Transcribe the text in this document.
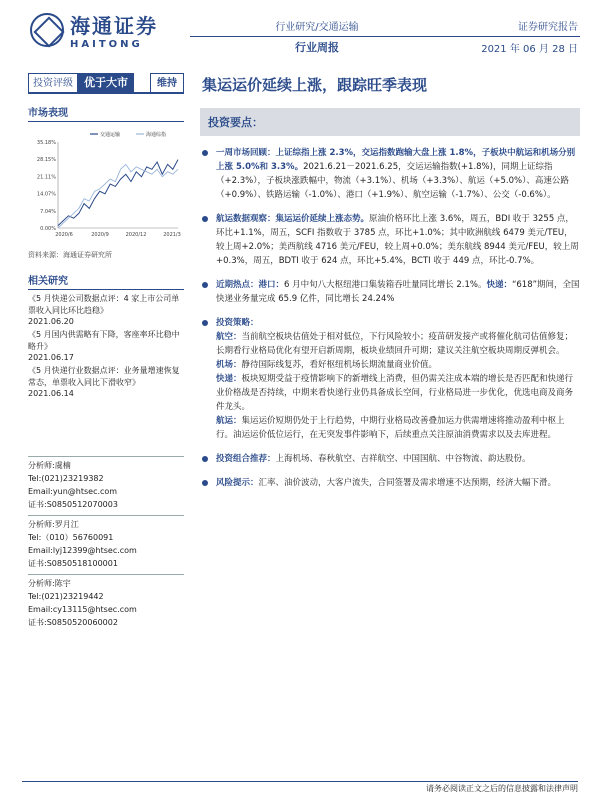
海通证券
HAITONG
行业研究/交通运输
行业周报
证券研究报告
2021 年 06 月 28 日
投资评级	优于大市	维持	集运运价延续上涨，跟踪旺季表现
市场表现
35.18%
28.15%
21.11%
14.07%
7.04%
0.00%
2020/6	2020/9	2020/12	2021/3
交通运输	海通综指
资料来源：海通证券研究所
相关研究
《5 月快递公司数据点评：4 家上市公司单票收入同比环比趋稳》
2021.06.20
《5 月国内供需略有下降，客座率环比稳中略升》
2021.06.17
《5 月快递行业数据点评：业务量增速恢复常态，单票收入同比下滑收窄》
2021.06.14
分析师:虞楠
Tel:(021)23219382
Email:yun@htsec.com
证书:S0850512070003
分析师:罗月江
Tel:（010）56760091
Email:lyj12399@htsec.com
证书:S0850518100001
分析师:陈宇
Tel:(021)23219442
Email:cy13115@htsec.com
证书:S0850520060002
投资要点：
一周市场回顾：上证综指上涨 2.3%，交运指数跑输大盘上涨 1.8%，子板块中航运和机场分别上涨 5.0%和 3.3%。2021.6.21－2021.6.25，交运运输指数(+1.8%)，同期上证综指（+2.3%），子板块涨跌幅中，物流（+3.1%）、机场（+3.3%）、航运（+5.0%）、高速公路（+0.9%）、铁路运输（-1.0%）、港口（+1.9%）、航空运输（-1.7%）、公交（-0.6%）。
航运数据观察：集运运价延续上涨态势。原油价格环比上涨 3.6%，周五，BDI 收于 3255 点，环比+1.1%，周五，SCFI 指数收于 3785 点，环比+1.0%；其中欧洲航线 6479 美元/TEU，较上周+2.0%；美西航线 4716 美元/FEU，较上周+0.0%；美东航线 8944 美元/FEU，较上周+0.3%，周五，BDTI 收于 624 点，环比+5.4%，BCTI 收于 449 点，环比-0.7%。
近期热点：港口：6 月中旬八大枢纽港口集装箱吞吐量同比增长 2.1%。快递：“618”期间，全国快递业务量完成 65.9 亿件，同比增长 24.24%
投资策略：
航空：当前航空板块估值处于相对低位，下行风险较小；疫苗研发接产或将催化航司估值修复；长期看行业格局优化有望开启新周期，板块业绩回升可期；建议关注航空板块周期反弹机会。
机场：静待国际线复苏，看好枢纽机场长期流量商业价值。
快递：板块短期受益于疫情影响下的新增线上消费，但仍需关注成本端的增长是否匹配和快递行业价格战是否持续，中期来看快递行业仍具备成长空间，行业格局进一步优化，优选电商及商务件龙头。
航运：集运运价短期仍处于上行趋势，中期行业格局改善叠加运力供需增速将推动盈利中枢上行。油运运价低位运行，在无突发事件影响下，后续重点关注原油消费需求以及去库进程。
投资组合推荐：上海机场、春秋航空、吉祥航空、中国国航、中谷物流、韵达股份。
风险提示：汇率、油价波动，大客户流失，合同签署及需求增速不达预期，经济大幅下滑。
请务必阅读正文之后的信息披露和法律声明
